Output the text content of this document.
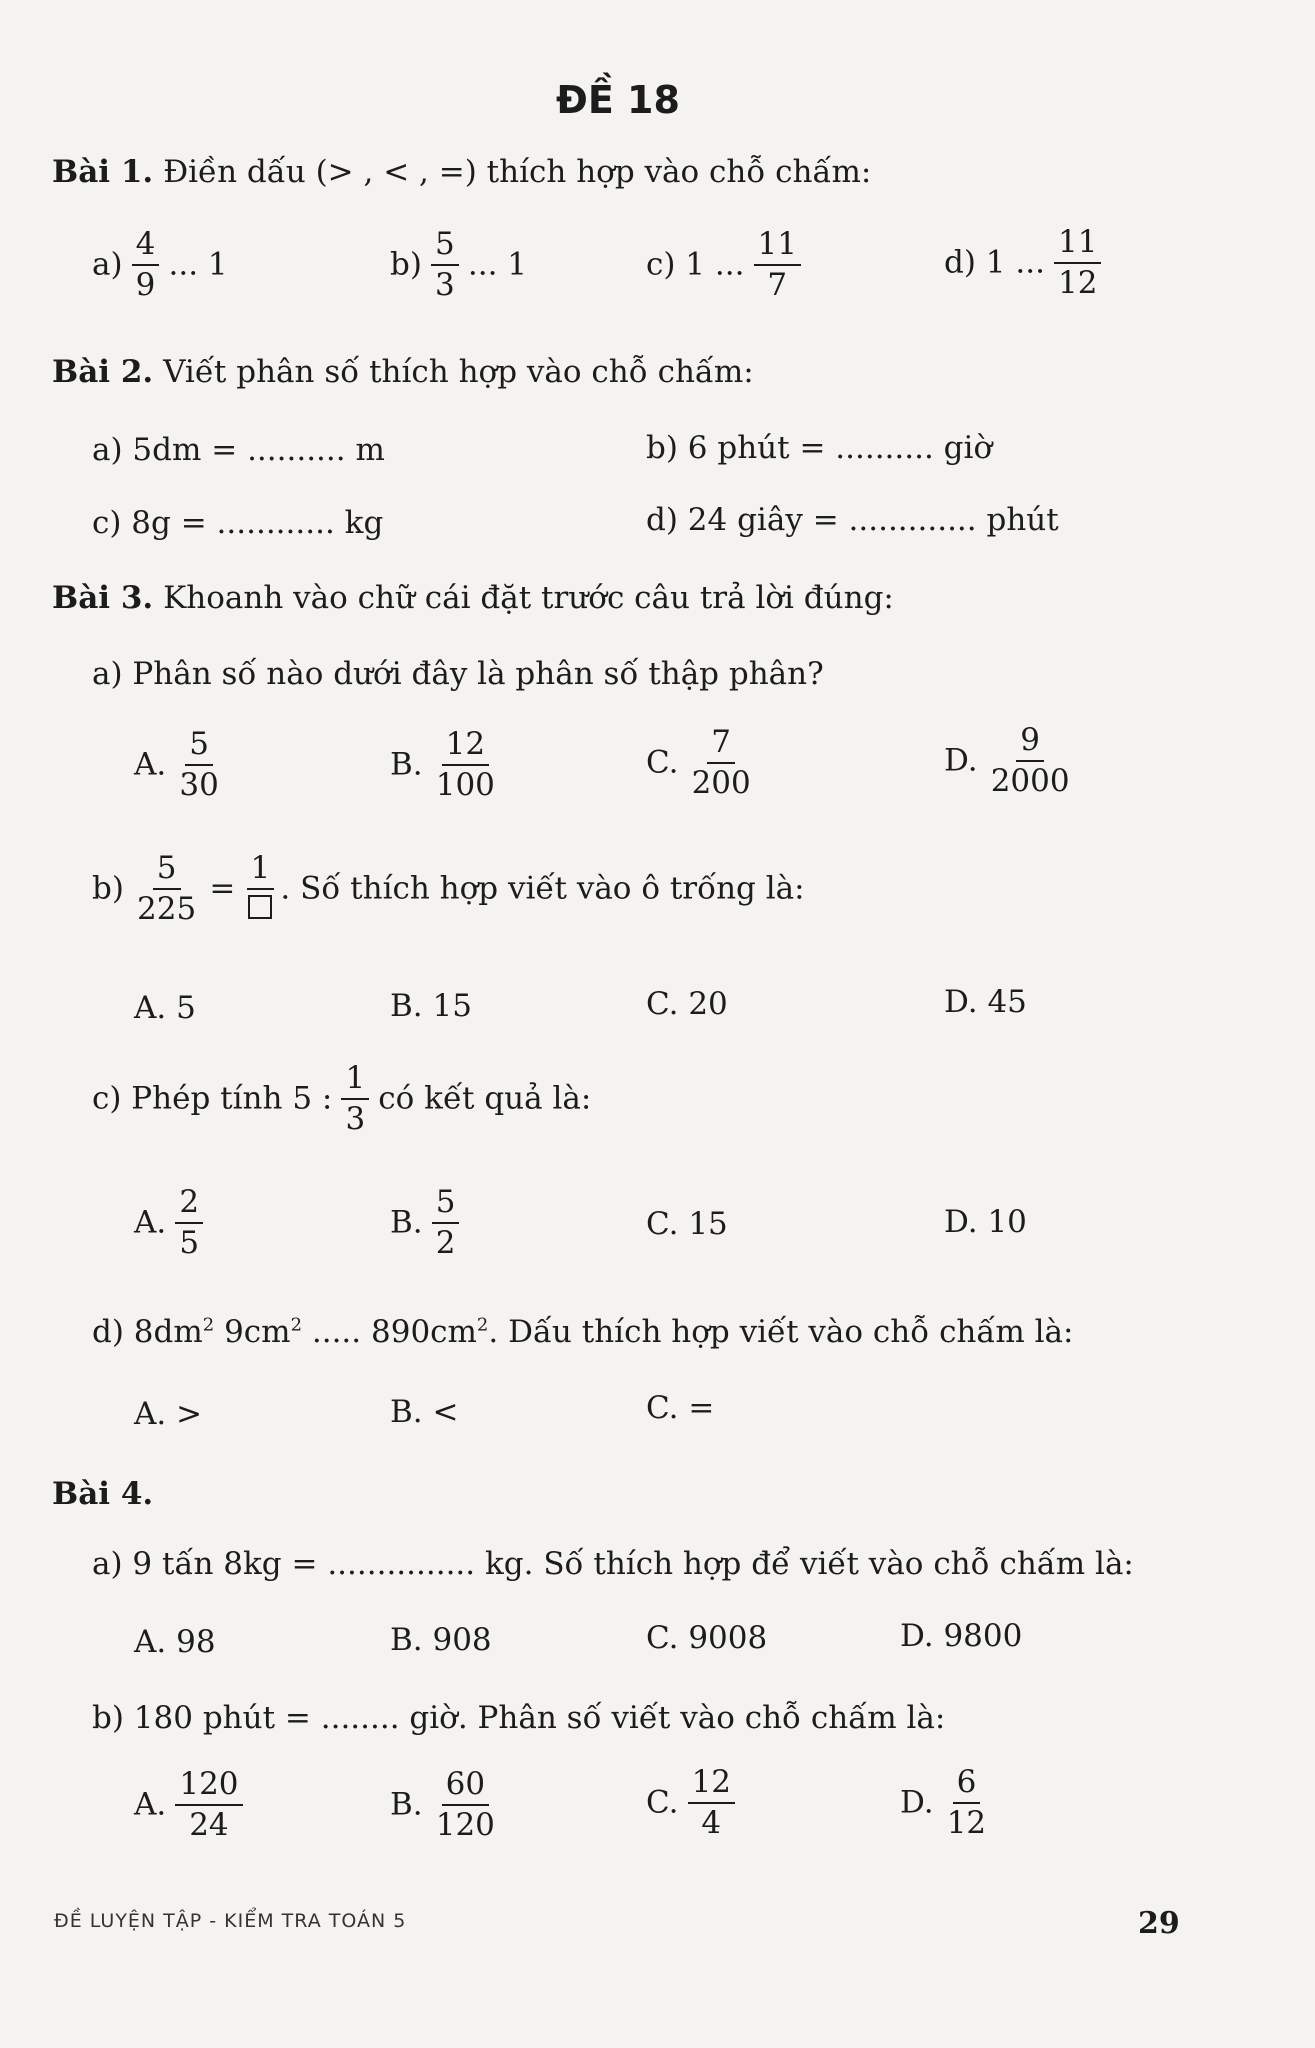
ĐỀ 18
Bài 1. Điền dấu (> , < , =) thích hợp vào chỗ chấm:
$a) \frac{4}{9}$ ... 1	$b) \frac{5}{3}$ ... 1	c) 1 ... $\frac{11}{7}$	d) 1 ... $\frac{11}{12}$
Bài 2. Viết phân số thích hợp vào chỗ chấm:
a) 5dm = .......... m	b) 6 phút = .......... giờ
c) 8g = ............ kg	d) 24 giây = ............. phút
Bài 3. Khoanh vào chữ cái đặt trước câu trả lời đúng:
a) Phân số nào dưới đây là phân số thập phân?
A. $\frac{5}{30}$	B. $\frac{12}{100}$	C. $\frac{7}{200}$	D. $\frac{9}{2000}$
$b) \frac{5}{225}$ =
1
. Số thích hợp viết vào ô trống là:
A. 5	B. 15	C. 20	D. 45
c) Phép tính 5 : $\frac{1}{3}$ có kết quả là:
A. $\frac{2}{5}$	B. $\frac{5}{2}$	C. 15	D. 10
d) $8dm^2$ $9cm^2$ ..... $890cm^2$. Dấu thích hợp viết vào chỗ chấm là:
A. >	B. <	C. =
Bài 4.
a) 9 tấn 8kg = ............... kg. Số thích hợp để viết vào chỗ chấm là:
A. 98	B. 908	C. 9008	D. 9800
b) 180 phút = ........ giờ. Phân số viết vào chỗ chấm là:
A. $\frac{120}{24}$	B. $\frac{60}{120}$	C. $\frac{12}{4}$	D. $\frac{6}{12}$
ĐỀ LUYỆN TẬP - KIỂM TRA TOÁN 5	29
